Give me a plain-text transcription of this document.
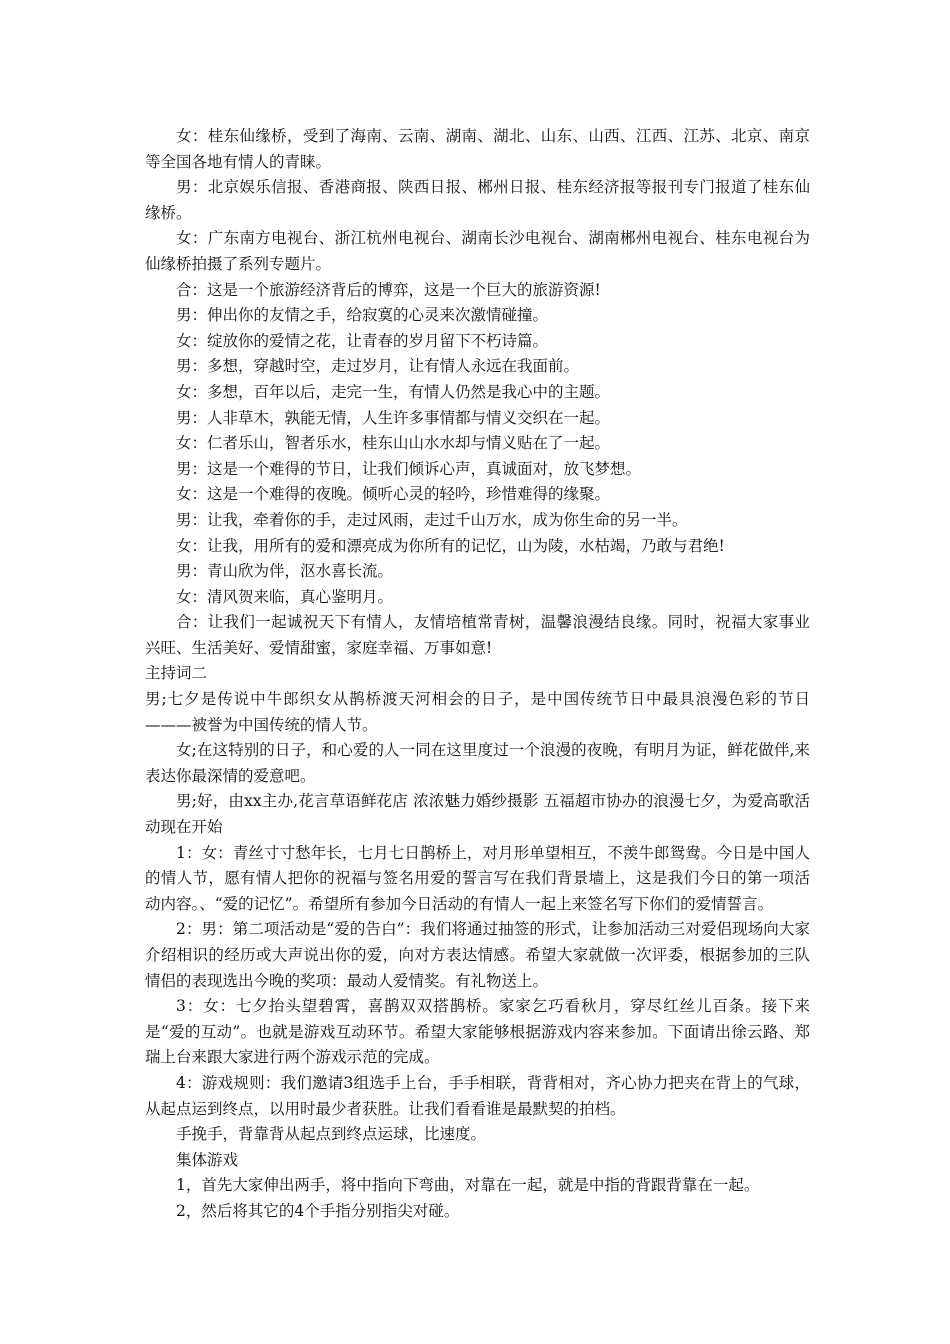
女：桂东仙缘桥，受到了海南、云南、湖南、湖北、山东、山西、江西、江苏、北京、南京等全国各地有情人的青睐。

男：北京娱乐信报、香港商报、陕西日报、郴州日报、桂东经济报等报刊专门报道了桂东仙缘桥。

女：广东南方电视台、浙江杭州电视台、湖南长沙电视台、湖南郴州电视台、桂东电视台为仙缘桥拍摄了系列专题片。

合：这是一个旅游经济背后的博弈，这是一个巨大的旅游资源!

男：伸出你的友情之手，给寂寞的心灵来次激情碰撞。

女：绽放你的爱情之花，让青春的岁月留下不朽诗篇。

男：多想，穿越时空，走过岁月，让有情人永远在我面前。

女：多想，百年以后，走完一生，有情人仍然是我心中的主题。

男：人非草木，孰能无情，人生许多事情都与情义交织在一起。

女：仁者乐山，智者乐水，桂东山山水水却与情义贴在了一起。

男：这是一个难得的节日，让我们倾诉心声，真诚面对，放飞梦想。

女：这是一个难得的夜晚。倾听心灵的轻吟，珍惜难得的缘聚。

男：让我，牵着你的手，走过风雨，走过千山万水，成为你生命的另一半。

女：让我，用所有的爱和漂亮成为你所有的记忆，山为陵，水枯竭，乃敢与君绝!

男：青山欣为伴，沤水喜长流。

女：清风贺来临，真心鉴明月。

合：让我们一起诚祝天下有情人，友情培植常青树，温馨浪漫结良缘。同时，祝福大家事业兴旺、生活美好、爱情甜蜜，家庭幸福、万事如意!

主持词二

男;七夕是传说中牛郎织女从鹊桥渡天河相会的日子，是中国传统节日中最具浪漫色彩的节日———被誉为中国传统的情人节。

女;在这特别的日子，和心爱的人一同在这里度过一个浪漫的夜晚，有明月为证，鲜花做伴,来表达你最深情的爱意吧。

男;好，由xx主办,花言草语鲜花店 浓浓魅力婚纱摄影 五福超市协办的浪漫七夕，为爱高歌活动现在开始

1：女：青丝寸寸愁年长，七月七日鹊桥上，对月形单望相互，不羡牛郎鸳鸯。今日是中国人的情人节，愿有情人把你的祝福与签名用爱的誓言写在我们背景墙上，这是我们今日的第一项活动内容。、“爱的记忆”。希望所有参加今日活动的有情人一起上来签名写下你们的爱情誓言。

2：男：第二项活动是“爱的告白”：我们将通过抽签的形式，让参加活动三对爱侣现场向大家介绍相识的经历或大声说出你的爱，向对方表达情感。希望大家就做一次评委，根据参加的三队情侣的表现选出今晚的奖项：最动人爱情奖。有礼物送上。

3：女：七夕抬头望碧霄，喜鹊双双搭鹊桥。家家乞巧看秋月，穿尽红丝儿百条。接下来是“爱的互动”。也就是游戏互动环节。希望大家能够根据游戏内容来参加。下面请出徐云路、郑瑞上台来跟大家进行两个游戏示范的完成。

4：游戏规则：我们邀请3组选手上台，手手相联，背背相对，齐心协力把夹在背上的气球，从起点运到终点，以用时最少者获胜。让我们看看谁是最默契的拍档。

手挽手，背靠背从起点到终点运球，比速度。

集体游戏

1，首先大家伸出两手，将中指向下弯曲，对靠在一起，就是中指的背跟背靠在一起。

2，然后将其它的4个手指分别指尖对碰。
